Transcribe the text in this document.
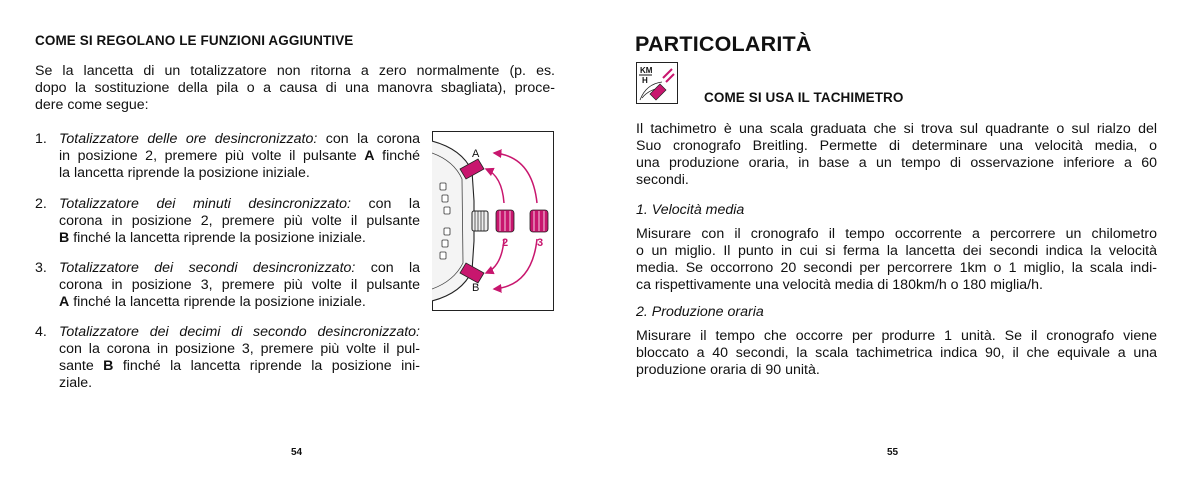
COME SI REGOLANO LE FUNZIONI AGGIUNTIVE
Se la lancetta di un totalizzatore non ritorna a zero normalmente (p. es.
dopo la sostituzione della pila o a causa di una manovra sbagliata), proce-
dere come segue:
1. Totalizzatore delle ore desincronizzato: con la corona
in posizione 2, premere più volte il pulsante A finché
la lancetta riprende la posizione iniziale.
2. Totalizzatore dei minuti desincronizzato: con la
corona in posizione 2, premere più volte il pulsante
B finché la lancetta riprende la posizione iniziale.
3. Totalizzatore dei secondi desincronizzato: con la
corona in posizione 3, premere più volte il pulsante
A finché la lancetta riprende la posizione iniziale.
4. Totalizzatore dei decimi di secondo desincronizzato:
con la corona in posizione 3, premere più volte il pul-
sante B finché la lancetta riprende la posizione ini-
ziale.
A
B
2	3
54
PARTICOLARITÀ
KM
H
COME SI USA IL TACHIMETRO
Il tachimetro è una scala graduata che si trova sul quadrante o sul rialzo del
Suo cronografo Breitling. Permette di determinare una velocità media, o
una produzione oraria, in base a un tempo di osservazione inferiore a 60
secondi.
1. Velocità media
Misurare con il cronografo il tempo occorrente a percorrere un chilometro
o un miglio. Il punto in cui si ferma la lancetta dei secondi indica la velocità
media. Se occorrono 20 secondi per percorrere 1km o 1 miglio, la scala indi-
ca rispettivamente una velocità media di 180km/h o 180 miglia/h.
2. Produzione oraria
Misurare il tempo che occorre per produrre 1 unità. Se il cronografo viene
bloccato a 40 secondi, la scala tachimetrica indica 90, il che equivale a una
produzione oraria di 90 unità.
55
